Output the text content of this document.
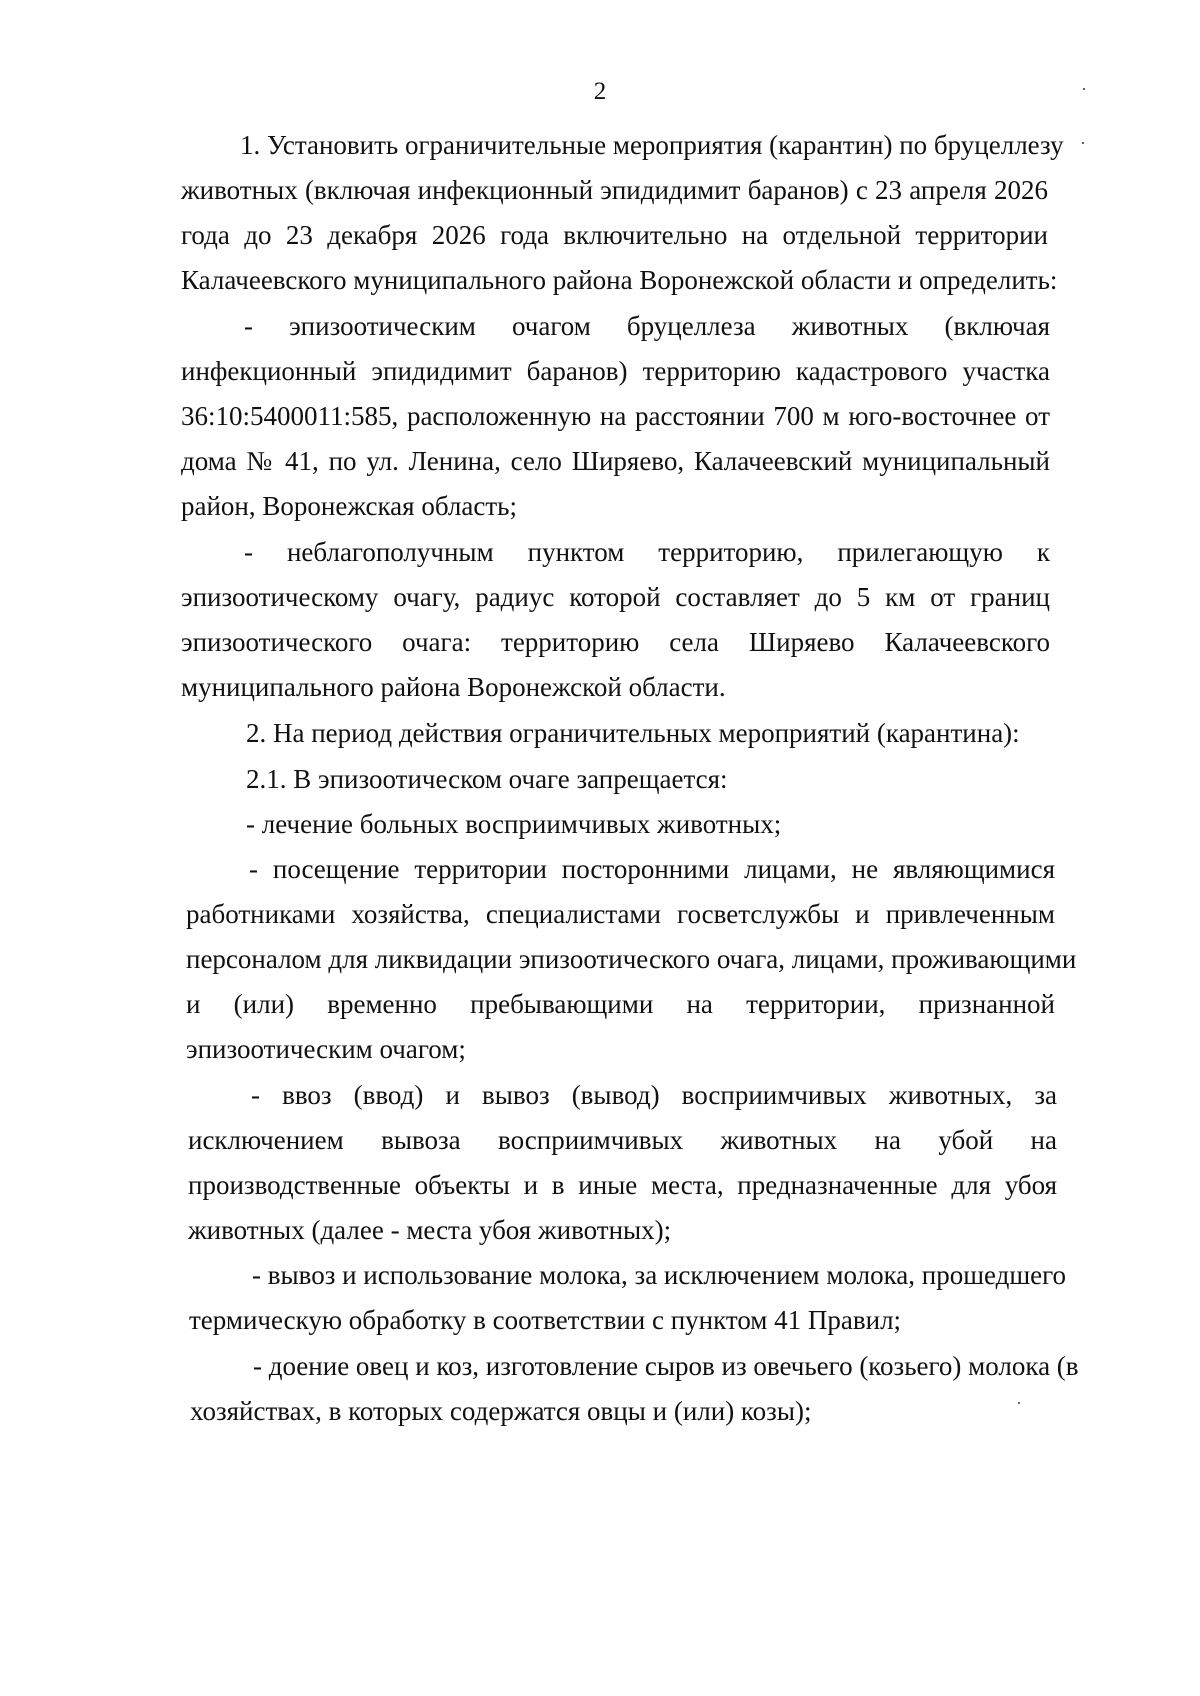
2
1. Установить ограничительные мероприятия (карантин) по бруцеллезу
животных (включая инфекционный эпидидимит баранов) с 23 апреля 2026
года до 23 декабря 2026 года включительно на отдельной территории
Калачеевского муниципального района Воронежской области и определить:
- эпизоотическим очагом бруцеллеза животных (включая
инфекционный эпидидимит баранов) территорию кадастрового участка
36:10:5400011:585, расположенную на расстоянии 700 м юго-восточнее от
дома № 41, по ул. Ленина, село Ширяево, Калачеевский муниципальный
район, Воронежская область;
- неблагополучным пунктом территорию, прилегающую к
эпизоотическому очагу, радиус которой составляет до 5 км от границ
эпизоотического очага: территорию села Ширяево Калачеевского
муниципального района Воронежской области.
2. На период действия ограничительных мероприятий (карантина):
2.1. В эпизоотическом очаге запрещается:
- лечение больных восприимчивых животных;
- посещение территории посторонними лицами, не являющимися
работниками хозяйства, специалистами госветслужбы и привлеченным
персоналом для ликвидации эпизоотического очага, лицами, проживающими
и (или) временно пребывающими на территории, признанной
эпизоотическим очагом;
- ввоз (ввод) и вывоз (вывод) восприимчивых животных, за
исключением вывоза восприимчивых животных на убой на
производственные объекты и в иные места, предназначенные для убоя
животных (далее - места убоя животных);
- вывоз и использование молока, за исключением молока, прошедшего
термическую обработку в соответствии с пунктом 41 Правил;
- доение овец и коз, изготовление сыров из овечьего (козьего) молока (в
хозяйствах, в которых содержатся овцы и (или) козы);
